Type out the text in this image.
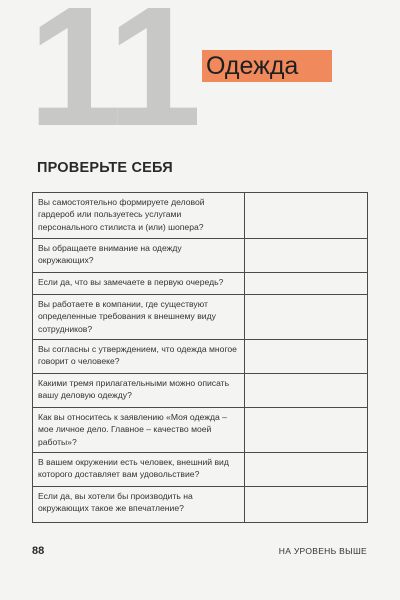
11 Одежда
ПРОВЕРЬТЕ СЕБЯ
Вы самостоятельно формируете деловой гардероб или пользуетесь услугами персонального стилиста и (или) шопера?	
Вы обращаете внимание на одежду окружающих?	
Если да, что вы замечаете в первую очередь?	
Вы работаете в компании, где существуют определенные требования к внешнему виду сотрудников?	
Вы согласны с утверждением, что одежда многое говорит о человеке?	
Какими тремя прилагательными можно описать вашу деловую одежду?	
Как вы относитесь к заявлению «Моя одежда – мое личное дело. Главное – качество моей работы»?	
В вашем окружении есть человек, внешний вид которого доставляет вам удовольствие?	
Если да, вы хотели бы производить на окружающих такое же впечатление?	
88	НА УРОВЕНЬ ВЫШЕ
